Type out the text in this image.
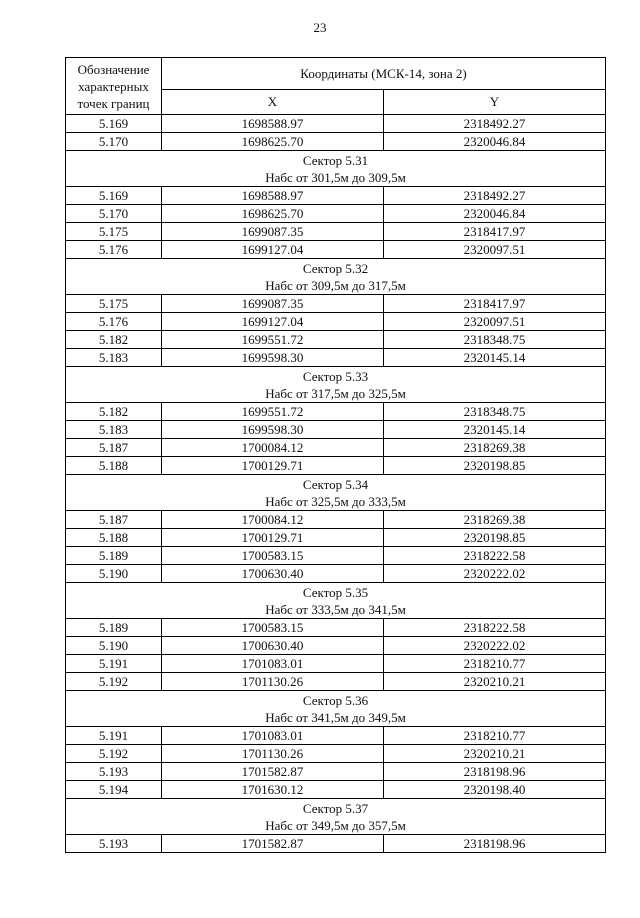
23
Обозначение характерных точек границ	Координаты (МСК-14, зона 2)	
	X	Y
5.169	1698588.97	2318492.27
5.170	1698625.70	2320046.84

Сектор 5.31
Набс от 301,5м до 309,5м		

5.169	1698588.97	2318492.27
5.170	1698625.70	2320046.84
5.175	1699087.35	2318417.97
5.176	1699127.04	2320097.51

Сектор 5.32
Набс от 309,5м до 317,5м		

5.175	1699087.35	2318417.97
5.176	1699127.04	2320097.51
5.182	1699551.72	2318348.75
5.183	1699598.30	2320145.14

Сектор 5.33
Набс от 317,5м до 325,5м		

5.182	1699551.72	2318348.75
5.183	1699598.30	2320145.14
5.187	1700084.12	2318269.38
5.188	1700129.71	2320198.85

Сектор 5.34
Набс от 325,5м до 333,5м		

5.187	1700084.12	2318269.38
5.188	1700129.71	2320198.85
5.189	1700583.15	2318222.58
5.190	1700630.40	2320222.02

Сектор 5.35
Набс от 333,5м до 341,5м		

5.189	1700583.15	2318222.58
5.190	1700630.40	2320222.02
5.191	1701083.01	2318210.77
5.192	1701130.26	2320210.21

Сектор 5.36
Набс от 341,5м до 349,5м		

5.191	1701083.01	2318210.77
5.192	1701130.26	2320210.21
5.193	1701582.87	2318198.96
5.194	1701630.12	2320198.40

Сектор 5.37
Набс от 349,5м до 357,5м		

5.193	1701582.87	2318198.96
